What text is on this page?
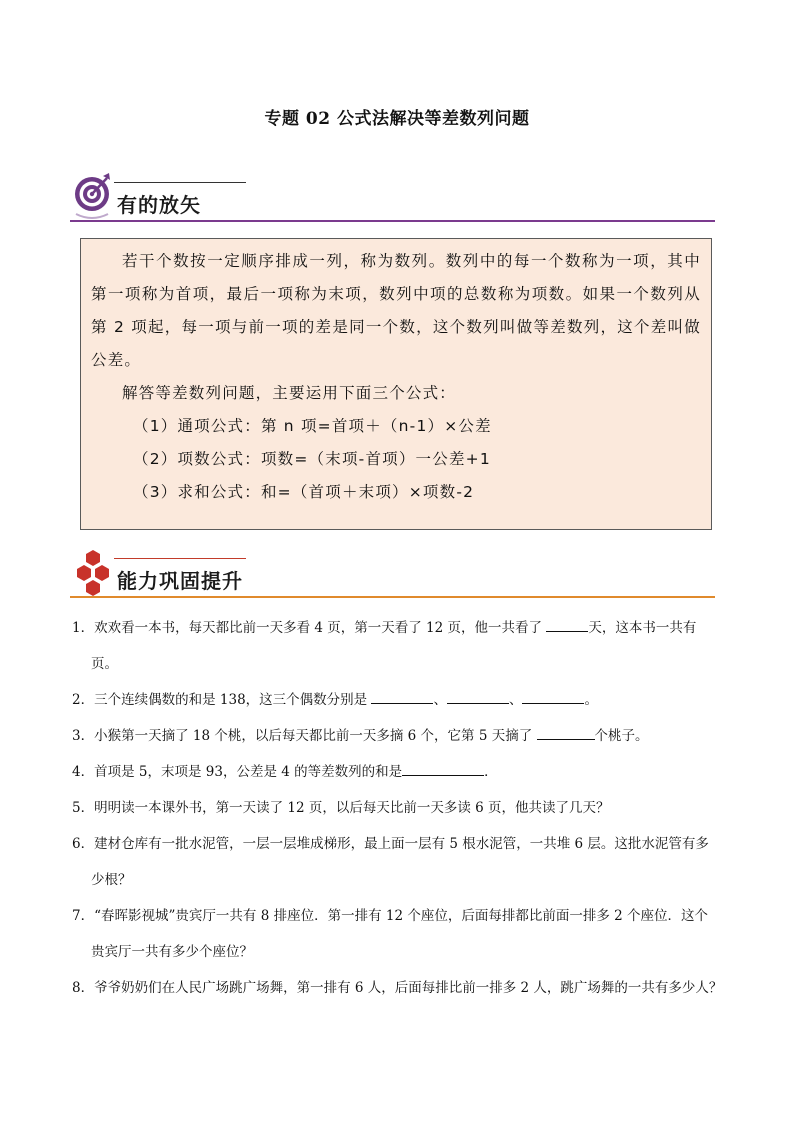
专题 02 公式法解决等差数列问题
有的放矢

若干个数按一定顺序排成一列，称为数列。数列中的每一个数称为一项，其中第一项称为首项，最后一项称为末项，数列中项的总数称为项数。如果一个数列从第 2 项起，每一项与前一项的差是同一个数，这个数列叫做等差数列，这个差叫做公差。

解答等差数列问题，主要运用下面三个公式：

（1）通项公式：第 n 项=首项＋（n-1）×公差

（2）项数公式：项数=（末项-首项）一公差+1

（3）求和公式：和=（首项＋末项）×项数-2

能力巩固提升

1．欢欢看一本书，每天都比前一天多看 4 页，第一天看了 12 页，他一共看了	天，这本书一共有

页。

2．三个连续偶数的和是 138，这三个偶数分别是	、	、	。

3．小猴第一天摘了 18 个桃，以后每天都比前一天多摘 6 个，它第 5 天摘了	个桃子。

4．首项是 5，末项是 93，公差是 4 的等差数列的和是	．

5．明明读一本课外书，第一天读了 12 页，以后每天比前一天多读 6 页，他共读了几天？

6．建材仓库有一批水泥管，一层一层堆成梯形，最上面一层有 5 根水泥管，一共堆 6 层。这批水泥管有多

少根？

7．“春晖影视城”贵宾厅一共有 8 排座位．第一排有 12 个座位，后面每排都比前面一排多 2 个座位．这个

贵宾厅一共有多少个座位？

8．爷爷奶奶们在人民广场跳广场舞，第一排有 6 人，后面每排比前一排多 2 人，跳广场舞的一共有多少人？
